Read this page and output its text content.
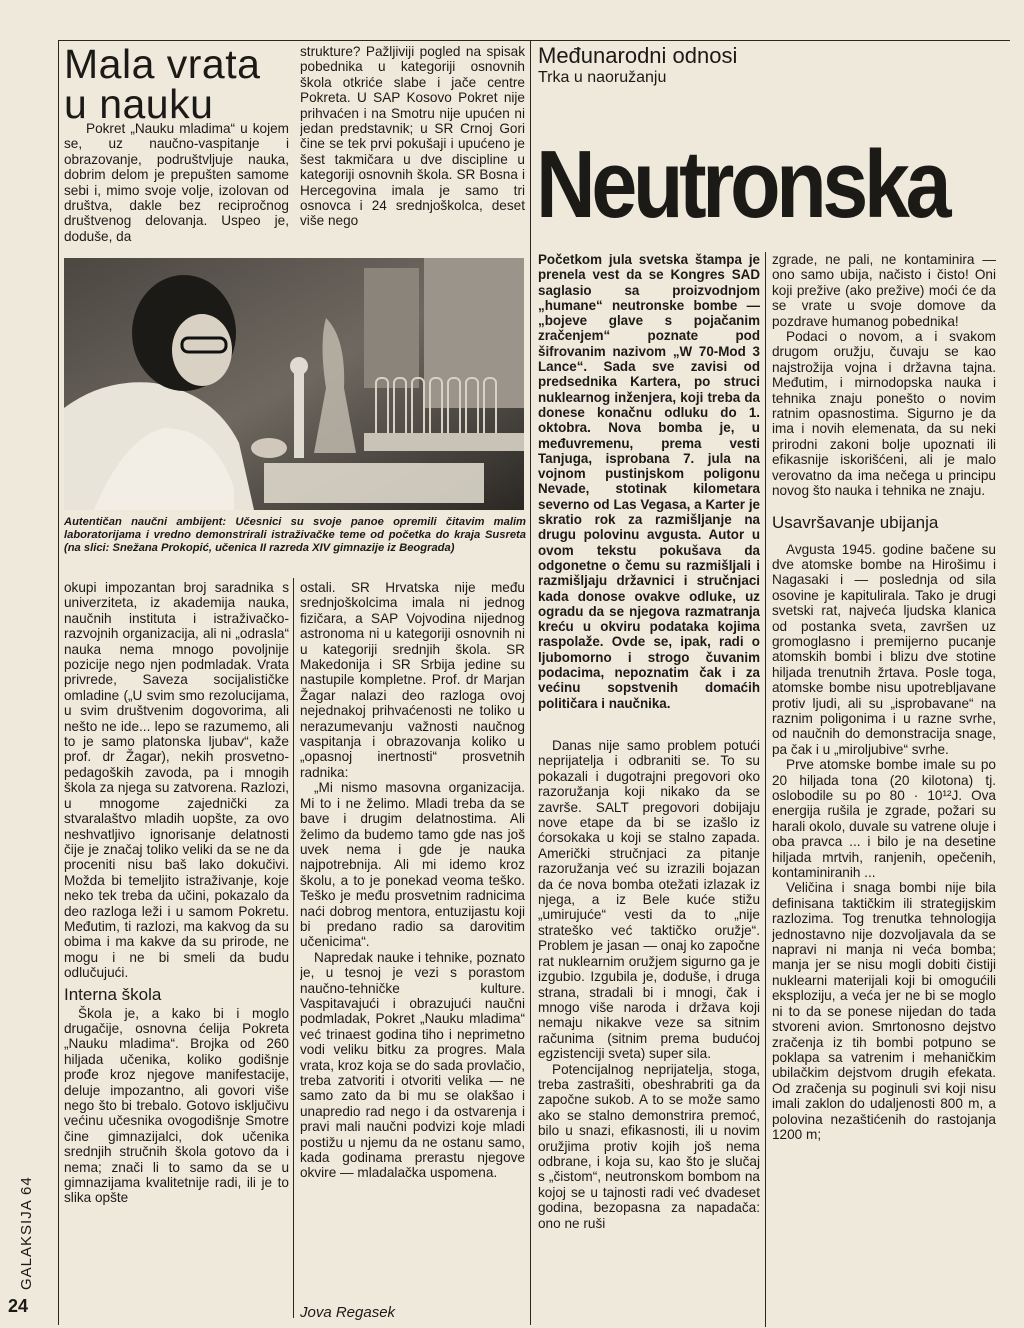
Mala vrata
u nauku

Pokret „Nauku mladima“ u kojem se, uz naučno-vaspitanje i obrazovanje, podruštvljuje nauka, dobrim delom je prepušten samome sebi i, mimo svoje volje, izolovan od društva, dakle bez recipročnog društvenog delovanja. Uspeo je, doduše, da

strukture? Pažljiviji pogled na spisak pobednika u kategoriji osnovnih škola otkriće slabe i jače centre Pokreta. U SAP Kosovo Pokret nije prihvaćen i na Smotru nije upućen ni jedan predstavnik; u SR Crnoj Gori čine se tek prvi pokušaji i upućeno je šest takmičara u dve discipline u kategoriji osnovnih škola. SR Bosna i Hercegovina imala je samo tri osnovca i 24 srednjoškolca, deset više nego

Autentičan naučni ambijent: Učesnici su svoje panoe opremili čitavim malim laboratorijama i vredno demonstrirali istraživačke teme od početka do kraja Susreta (na slici: Snežana Prokopić, učenica II razreda XIV gimnazije iz Beograda)

okupi impozantan broj saradnika s univerziteta, iz akademija nauka, naučnih instituta i istraživačko-razvojnih organizacija, ali ni „odrasla“ nauka nema mnogo povoljnije pozicije nego njen podmladak. Vrata privrede, Saveza socijalističke omladine („U svim smo rezolucijama, u svim društvenim dogovorima, ali nešto ne ide... lepo se razumemo, ali to je samo platonska ljubav“, kaže prof. dr Žagar), nekih prosvetno-pedagoških zavoda, pa i mnogih škola za njega su zatvorena. Razlozi, u mnogome zajednički za stvaralaštvo mladih uopšte, za ovo neshvatljivo ignorisanje delatnosti čije je značaj toliko veliki da se ne da proceniti nisu baš lako dokučivi. Možda bi temeljito istraživanje, koje neko tek treba da učini, pokazalo da deo razloga leži i u samom Pokretu. Međutim, ti razlozi, ma kakvog da su obima i ma kakve da su prirode, ne mogu i ne bi smeli da budu odlučujući.

Interna škola

Škola je, a kako bi i moglo drugačije, osnovna ćelija Pokreta „Nauku mladima“. Brojka od 260 hiljada učenika, koliko godišnje prođe kroz njegove manifestacije, deluje impozantno, ali govori više nego što bi trebalo. Gotovo isključivu većinu učesnika ovogodišnje Smotre čine gimnazijalci, dok učenika srednjih stručnih škola gotovo da i nema; znači li to samo da se u gimnazijama kvalitetnije radi, ili je to slika opšte

ostali. SR Hrvatska nije među srednjoškolcima imala ni jednog fizičara, a SAP Vojvodina nijednog astronoma ni u kategoriji osnovnih ni u kategoriji srednjih škola. SR Makedonija i SR Srbija jedine su nastupile kompletne. Prof. dr Marjan Žagar nalazi deo razloga ovoj nejednakoj prihvaćenosti ne toliko u nerazumevanju važnosti naučnog vaspitanja i obrazovanja koliko u „opasnoj inertnosti“ prosvetnih radnika:

„Mi nismo masovna organizacija. Mi to i ne želimo. Mladi treba da se bave i drugim delatnostima. Ali želimo da budemo tamo gde nas još uvek nema i gde je nauka najpotrebnija. Ali mi idemo kroz školu, a to je ponekad veoma teško. Teško je među prosvetnim radnicima naći dobrog mentora, entuzijastu koji bi predano radio sa darovitim učenicima“.

Napredak nauke i tehnike, poznato je, u tesnoj je vezi s porastom naučno-tehničke kulture. Vaspitavajući i obrazujući naučni podmladak, Pokret „Nauku mladima“ već trinaest godina tiho i neprimetno vodi veliku bitku za progres. Mala vrata, kroz koja se do sada provlačio, treba zatvoriti i otvoriti velika — ne samo zato da bi mu se olakšao i unapredio rad nego i da ostvarenja i pravi mali naučni podvizi koje mladi postižu u njemu da ne ostanu samo, kada godinama prerastu njegove okvire — mladalačka uspomena.

Jova Regasek
Međunarodni odnosi
Trka u naoružanju
Neutronska
Početkom jula svetska štampa je prenela vest da se Kongres SAD saglasio sa proizvodnjom „humane“ neutronske bombe — „bojeve glave s pojačanim zračenjem“ poznate pod šifrovanim nazivom „W 70-Mod 3 Lance“. Sada sve zavisi od predsednika Kartera, po struci nuklearnog inženjera, koji treba da donese konačnu odluku do 1. oktobra. Nova bomba je, u međuvremenu, prema vesti Tanjuga, isprobana 7. jula na vojnom pustinjskom poligonu Nevade, stotinak kilometara severno od Las Vegasa, a Karter je skratio rok za razmišljanje na drugu polovinu avgusta. Autor u ovom tekstu pokušava da odgonetne o čemu su razmišljali i razmišljaju državnici i stručnjaci kada donose ovakve odluke, uz ogradu da se njegova razmatranja kreću u okviru podataka kojima raspolaže. Ovde se, ipak, radi o ljubomorno i strogo čuvanim podacima, nepoznatim čak i za većinu sopstvenih domaćih političara i naučnika.

Danas nije samo problem potući neprijatelja i odbraniti se. To su pokazali i dugotrajni pregovori oko razoružanja koji nikako da se završe. SALT pregovori dobijaju nove etape da bi se izašlo iz ćorsokaka u koji se stalno zapada. Američki stručnjaci za pitanje razoružanja već su izrazili bojazan da će nova bomba otežati izlazak iz njega, a iz Bele kuće stižu „umirujuće“ vesti da to „nije strateško već taktičko oružje“. Problem je jasan — onaj ko započne rat nuklearnim oružjem sigurno ga je izgubio. Izgubila je, doduše, i druga strana, stradali bi i mnogi, čak i mnogo više naroda i država koji nemaju nikakve veze sa sitnim računima (sitnim prema budućoj egzistenciji sveta) super sila.

Potencijalnog neprijatelja, stoga, treba zastrašiti, obeshrabriti ga da započne sukob. A to se može samo ako se stalno demonstrira premoć, bilo u snazi, efikasnosti, ili u novim oružjima protiv kojih još nema odbrane, i koja su, kao što je slučaj s „čistom“, neutronskom bombom na kojoj se u tajnosti radi već dvadeset godina, bezopasna za napadača: ono ne ruši

zgrade, ne pali, ne kontaminira — ono samo ubija, načisto i čisto! Oni koji prežive (ako preživе) moći će da se vrate u svoje domove da pozdrave humanog pobednika!

Podaci o novom, a i svakom drugom oružju, čuvaju se kao najstrožija vojna i državna tajna. Međutim, i mirnodopska nauka i tehnika znaju ponešto o novim ratnim opasnostima. Sigurno je da ima i novih elemenata, da su neki prirodni zakoni bolje upoznati ili efikasnije iskorišćeni, ali je malo verovatno da ima nečega u principu novog što nauka i tehnika ne znaju.

Usavršavanje ubijanja

Avgusta 1945. godine bačene su dve atomske bombe na Hirošimu i Nagasaki i — poslednja od sila osovine je kapitulirala. Tako je drugi svetski rat, najveća ljudska klanica od postanka sveta, završen uz gromoglasno i premijerno pucanje atomskih bombi i blizu dve stotine hiljada trenutnih žrtava. Posle toga, atomske bombe nisu upotrebljavane protiv ljudi, ali su „isprobavane“ na raznim poligonima i u razne svrhe, od naučnih do demonstracija snage, pa čak i u „miroljubive“ svrhe.

Prve atomske bombe imale su po 20 hiljada tona (20 kilotona) tj. oslobodile su po 80 · 10¹²J. Ova energija rušila je zgrade, požari su harali okolo, duvale su vatrene oluje i oba pravca ... i bilo je na desetine hiljada mrtvih, ranjenih, opečenih, kontaminiranih ...

Veličina i snaga bombi nije bila definisana taktičkim ili strategijskim razlozima. Tog trenutka tehnologija jednostavno nije dozvoljavala da se napravi ni manja ni veća bomba; manja jer se nisu mogli dobiti čistiji nuklearni materijali koji bi omogućili eksploziju, a veća jer ne bi se moglo ni to da se ponese nijedan do tada stvoreni avion. Smrtonosno dejstvo zračenja iz tih bombi potpuno se poklapa sa vatrenim i mehaničkim ubilačkim dejstvom drugih efekata. Od zračenja su poginuli svi koji nisu imali zaklon do udaljenosti 800 m, a polovina nezaštićenih do rastojanja 1200 m;

GALAKSIJA 64
24
